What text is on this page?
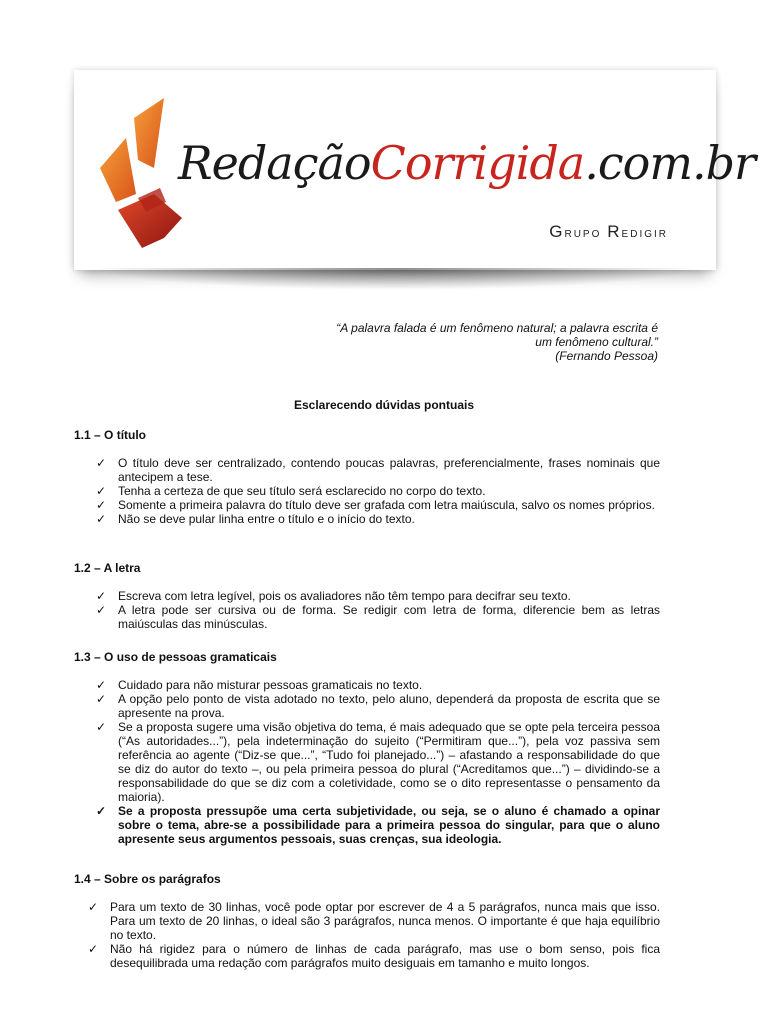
RedaçãoCorrigida.com.br
Grupo Redigir
“A palavra falada é um fenômeno natural; a palavra escrita é
um fenômeno cultural.”
(Fernando Pessoa)
Esclarecendo dúvidas pontuais
1.1 – O título
✓ O título deve ser centralizado, contendo poucas palavras, preferencialmente, frases nominais que antecipem a tese.
✓ Tenha a certeza de que seu título será esclarecido no corpo do texto.
✓ Somente a primeira palavra do título deve ser grafada com letra maiúscula, salvo os nomes próprios.
✓ Não se deve pular linha entre o título e o início do texto.
1.2 – A letra
✓ Escreva com letra legível, pois os avaliadores não têm tempo para decifrar seu texto.
✓ A letra pode ser cursiva ou de forma. Se redigir com letra de forma, diferencie bem as letras maiúsculas das minúsculas.
1.3 – O uso de pessoas gramaticais
✓ Cuidado para não misturar pessoas gramaticais no texto.
✓ A opção pelo ponto de vista adotado no texto, pelo aluno, dependerá da proposta de escrita que se apresente na prova.
✓ Se a proposta sugere uma visão objetiva do tema, é mais adequado que se opte pela terceira pessoa (“As autoridades...”), pela indeterminação do sujeito (“Permitiram que...”), pela voz passiva sem referência ao agente (“Diz-se que...”, “Tudo foi planejado...”) – afastando a responsabilidade do que se diz do autor do texto –, ou pela primeira pessoa do plural (“Acreditamos que...”) – dividindo-se a responsabilidade do que se diz com a coletividade, como se o dito representasse o pensamento da maioria).
✓ Se a proposta pressupõe uma certa subjetividade, ou seja, se o aluno é chamado a opinar sobre o tema, abre-se a possibilidade para a primeira pessoa do singular, para que o aluno apresente seus argumentos pessoais, suas crenças, sua ideologia.
1.4 – Sobre os parágrafos
✓ Para um texto de 30 linhas, você pode optar por escrever de 4 a 5 parágrafos, nunca mais que isso. Para um texto de 20 linhas, o ideal são 3 parágrafos, nunca menos. O importante é que haja equilíbrio no texto.
✓ Não há rigidez para o número de linhas de cada parágrafo, mas use o bom senso, pois fica desequilibrada uma redação com parágrafos muito desiguais em tamanho e muito longos.
